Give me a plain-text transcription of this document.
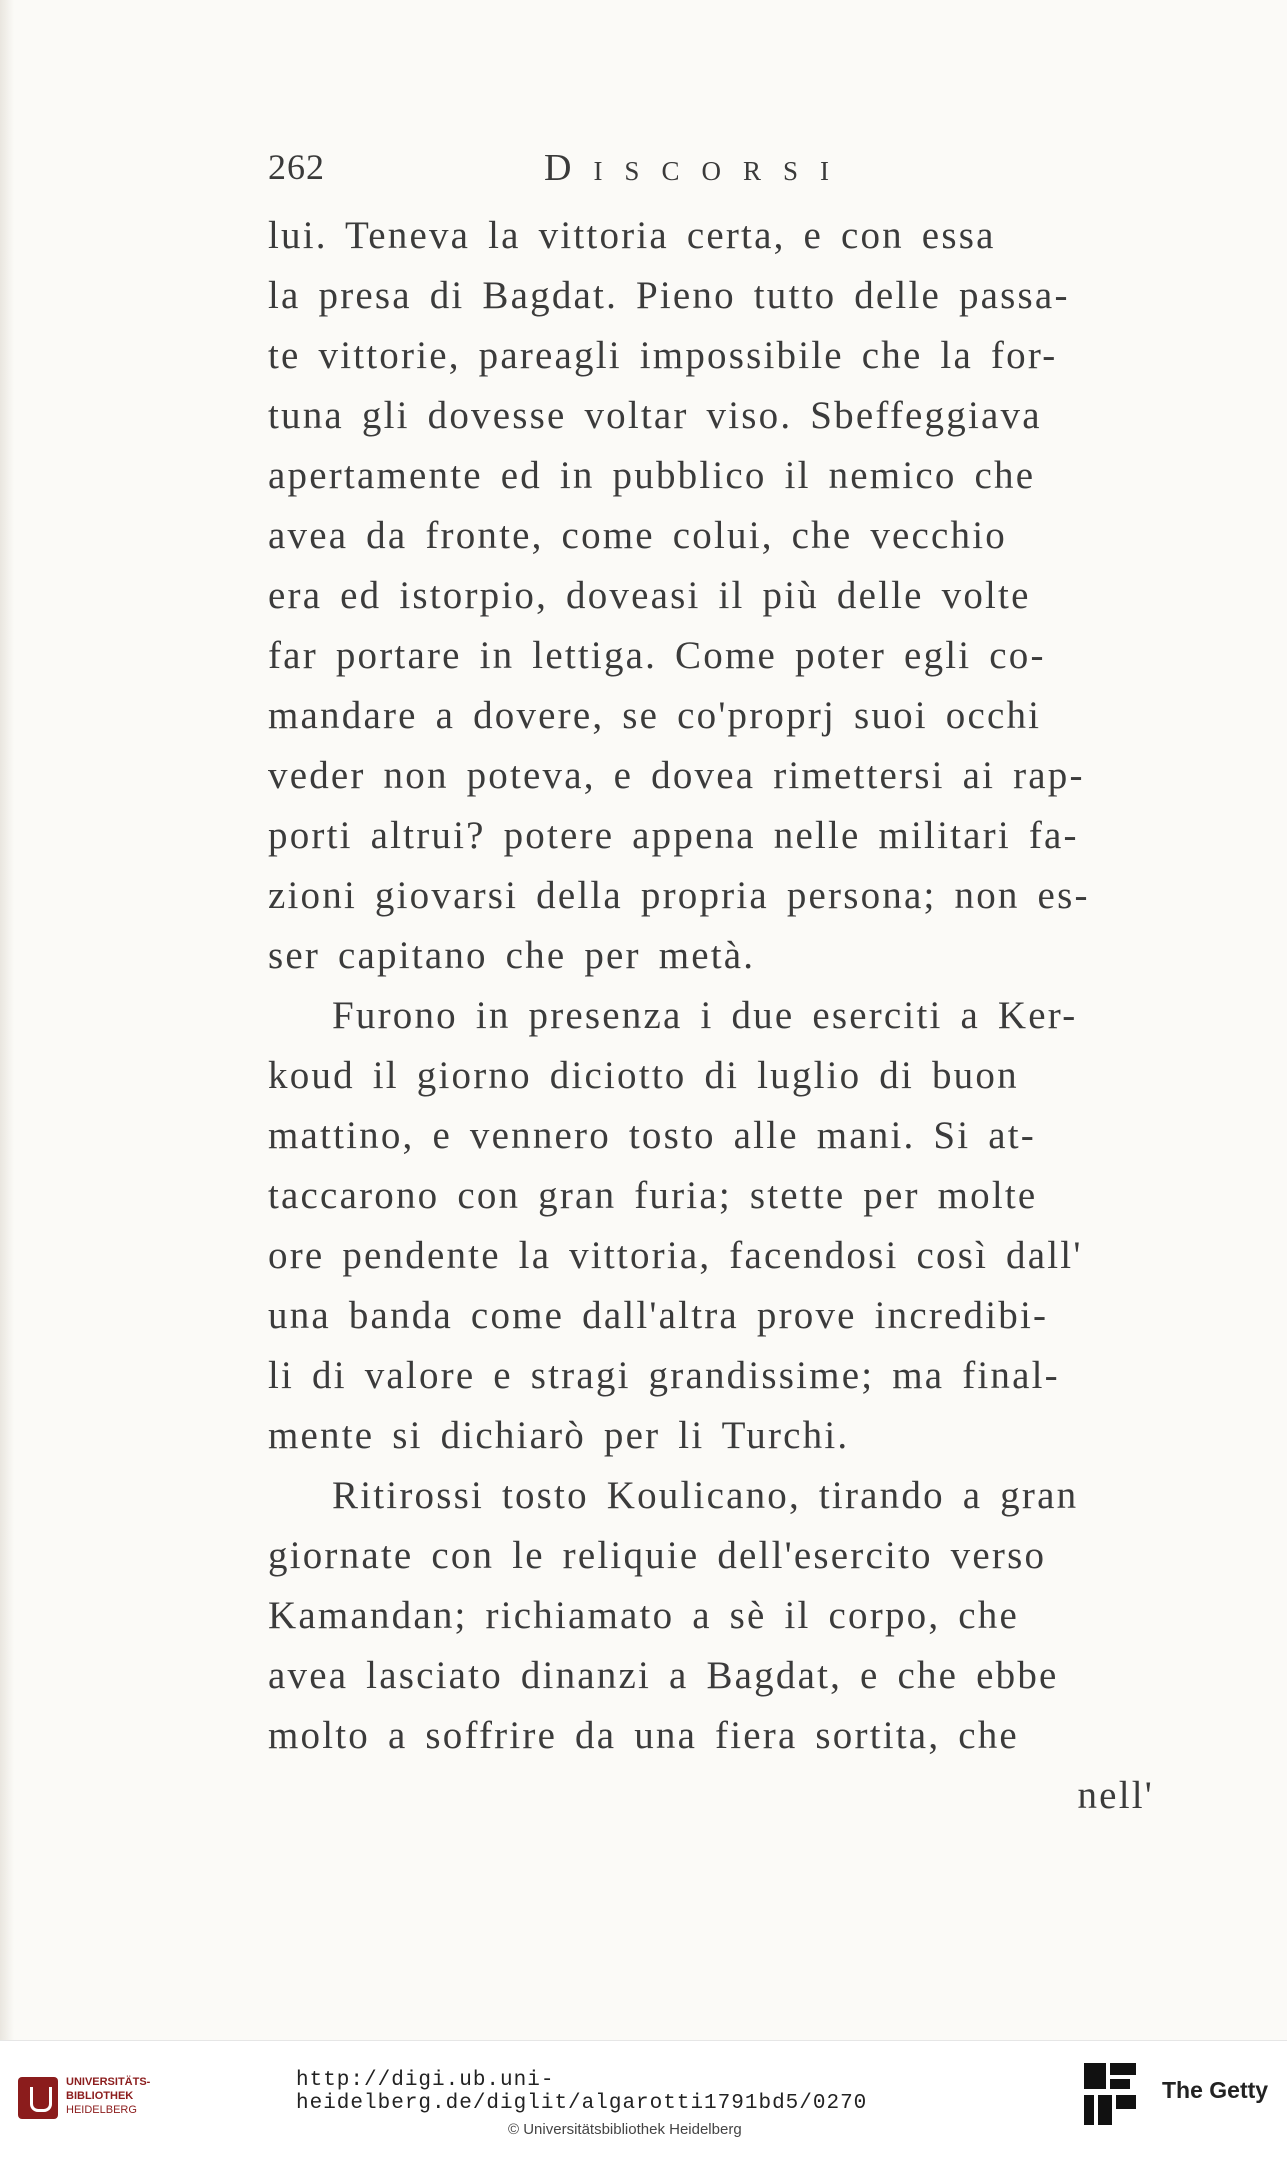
262	Discorsi
lui. Teneva la vittoria certa, e con essa
la presa di Bagdat. Pieno tutto delle passa-
te vittorie, pareagli impossibile che la for-
tuna gli dovesse voltar viso. Sbeffeggiava
apertamente ed in pubblico il nemico che
avea da fronte, come colui, che vecchio
era ed istorpio, doveasi il più delle volte
far portare in lettiga. Come poter egli co-
mandare a dovere, se co'proprj suoi occhi
veder non poteva, e dovea rimettersi ai rap-
porti altrui? potere appena nelle militari fa-
zioni giovarsi della propria persona; non es-
ser capitano che per metà.
Furono in presenza i due eserciti a Ker-
koud il giorno diciotto di luglio di buon
mattino, e vennero tosto alle mani. Si at-
taccarono con gran furia; stette per molte
ore pendente la vittoria, facendosi così dall'
una banda come dall'altra prove incredibi-
li di valore e stragi grandissime; ma final-
mente si dichiarò per li Turchi.
Ritirossi tosto Koulicano, tirando a gran
giornate con le reliquie dell'esercito verso
Kamandan; richiamato a sè il corpo, che
avea lasciato dinanzi a Bagdat, e che ebbe
molto a soffrire da una fiera sortita, che
nell'
UNIVERSITÄTS-
BIBLIOTHEK
HEIDELBERG
http://digi.ub.uni-heidelberg.de/diglit/algarotti1791bd5/0270
© Universitätsbibliothek Heidelberg
The Getty
